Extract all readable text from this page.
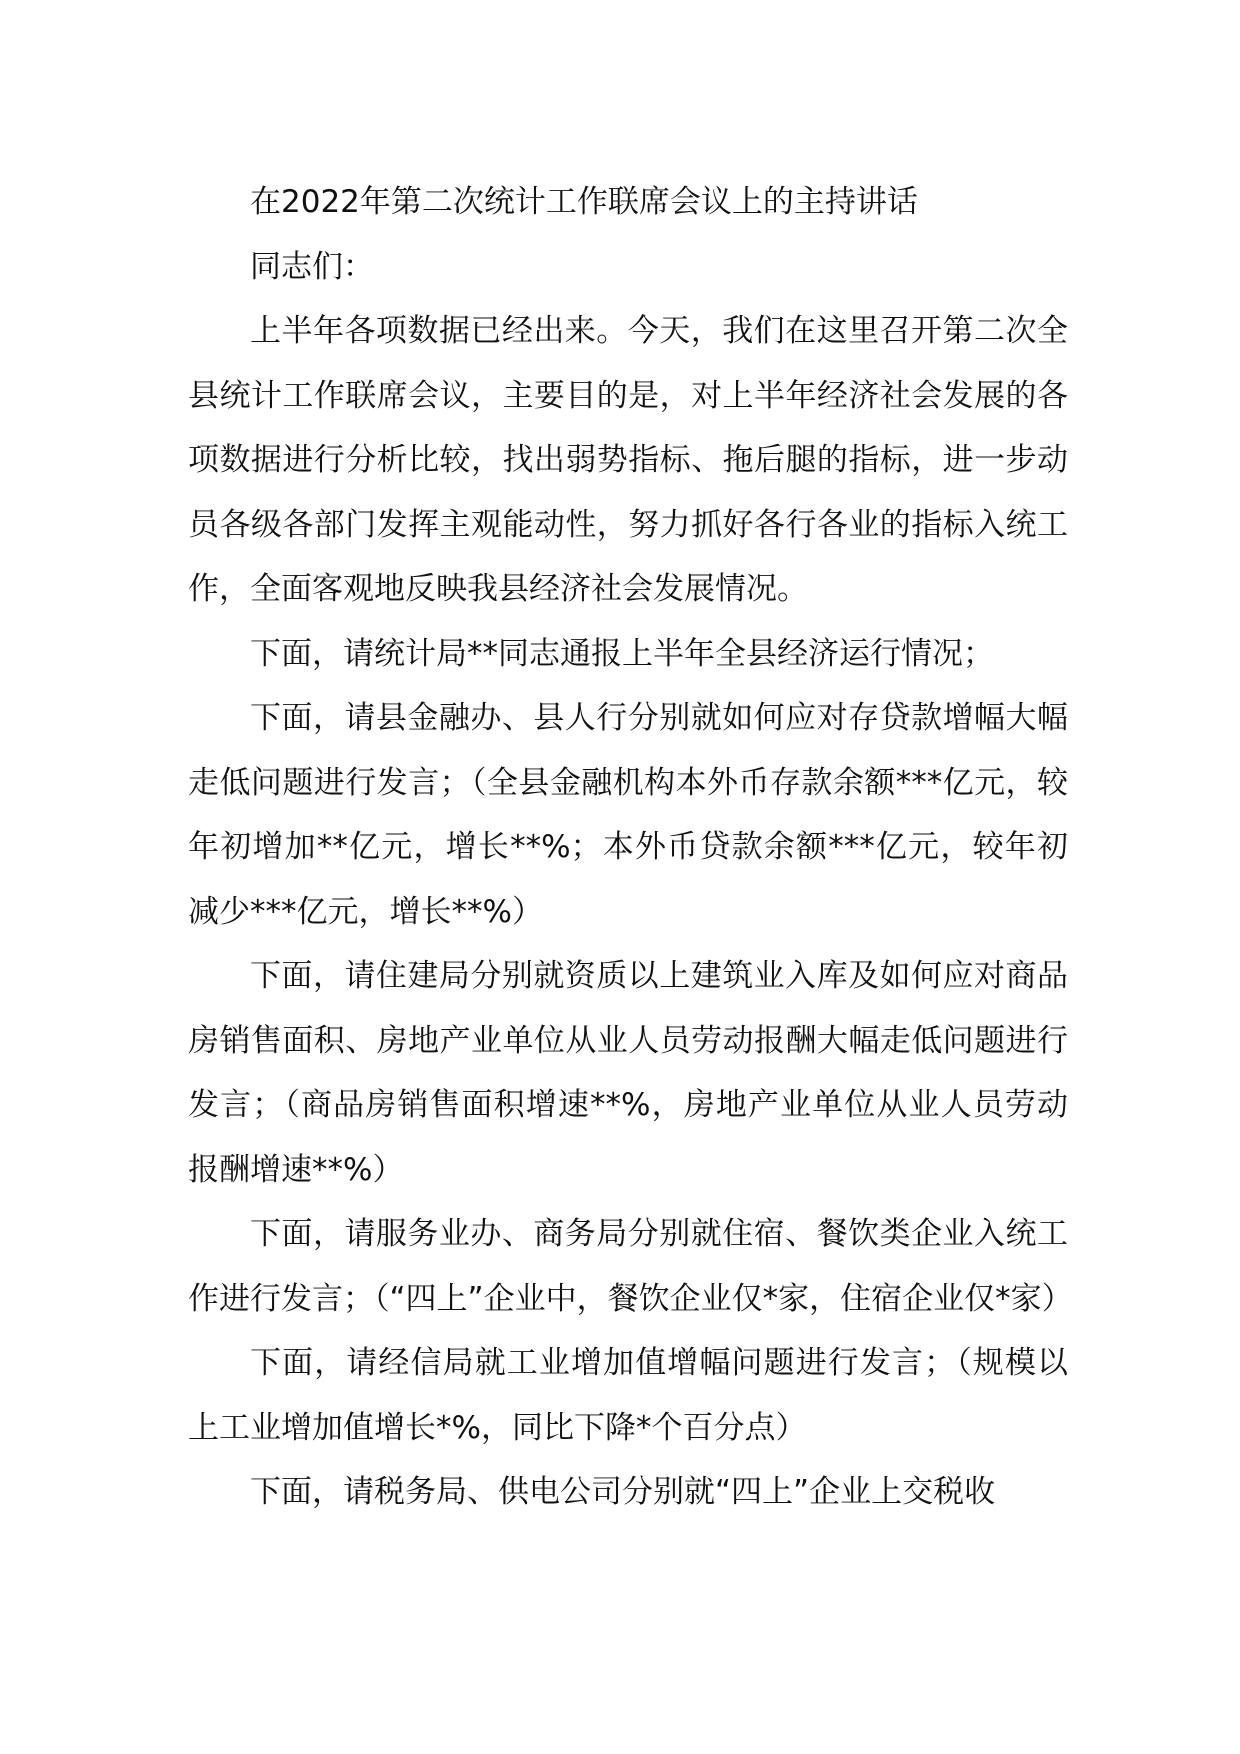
在2022年第二次统计工作联席会议上的主持讲话

同志们：

上半年各项数据已经出来。今天，我们在这里召开第二次全县统计工作联席会议，主要目的是，对上半年经济社会发展的各项数据进行分析比较，找出弱势指标、拖后腿的指标，进一步动员各级各部门发挥主观能动性，努力抓好各行各业的指标入统工作，全面客观地反映我县经济社会发展情况。

下面，请统计局**同志通报上半年全县经济运行情况；

下面，请县金融办、县人行分别就如何应对存贷款增幅大幅走低问题进行发言；（全县金融机构本外币存款余额***亿元，较年初增加**亿元，增长**%；本外币贷款余额***亿元，较年初减少***亿元，增长**%）

下面，请住建局分别就资质以上建筑业入库及如何应对商品房销售面积、房地产业单位从业人员劳动报酬大幅走低问题进行发言；（商品房销售面积增速**%，房地产业单位从业人员劳动报酬增速**%）

下面，请服务业办、商务局分别就住宿、餐饮类企业入统工作进行发言；（“四上”企业中，餐饮企业仅*家，住宿企业仅*家）

下面，请经信局就工业增加值增幅问题进行发言；（规模以上工业增加值增长*%，同比下降*个百分点）

下面，请税务局、供电公司分别就“四上”企业上交税收
